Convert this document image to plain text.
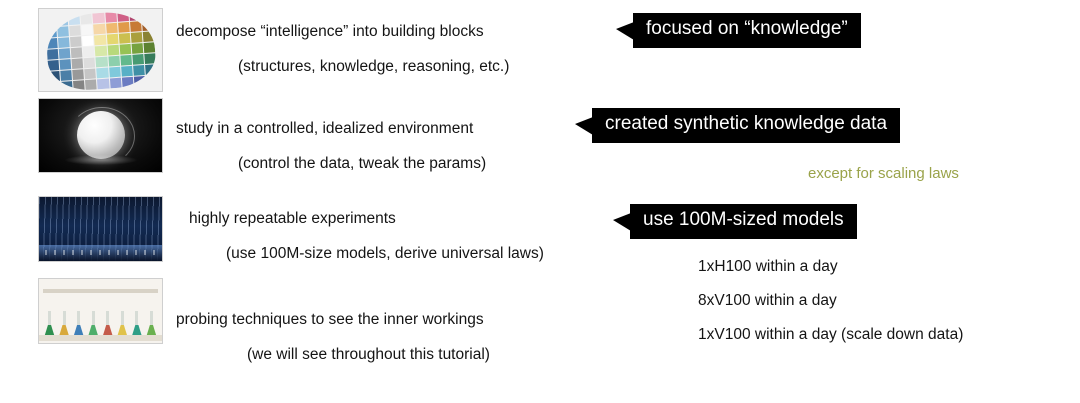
decompose “intelligence” into building blocks
(structures, knowledge, reasoning, etc.)
study in a controlled, idealized environment
(control the data, tweak the params)
highly repeatable experiments
(use 100M-size models, derive universal laws)
probing techniques to see the inner workings
(we will see throughout this tutorial)
focused on “knowledge”
created synthetic knowledge data
use 100M-sized models
except for scaling laws
1xH100 within a day
8xV100 within a day
1xV100 within a day (scale down data)
